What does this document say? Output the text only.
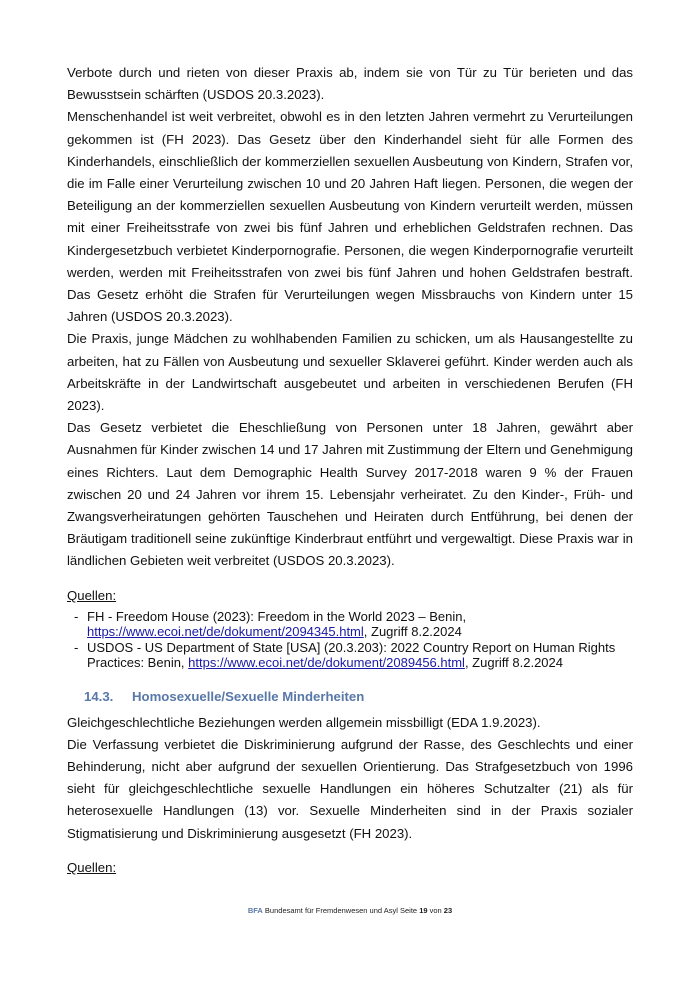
Verbote durch und rieten von dieser Praxis ab, indem sie von Tür zu Tür berieten und das Bewusstsein schärften (USDOS 20.3.2023).

Menschenhandel ist weit verbreitet, obwohl es in den letzten Jahren vermehrt zu Verurteilungen gekommen ist (FH 2023). Das Gesetz über den Kinderhandel sieht für alle Formen des Kinderhandels, einschließlich der kommerziellen sexuellen Ausbeutung von Kindern, Strafen vor, die im Falle einer Verurteilung zwischen 10 und 20 Jahren Haft liegen. Personen, die wegen der Beteiligung an der kommerziellen sexuellen Ausbeutung von Kindern verurteilt werden, müssen mit einer Freiheitsstrafe von zwei bis fünf Jahren und erheblichen Geldstrafen rechnen. Das Kindergesetzbuch verbietet Kinderpornografie. Personen, die wegen Kinderpornografie verurteilt werden, werden mit Freiheitsstrafen von zwei bis fünf Jahren und hohen Geldstrafen bestraft. Das Gesetz erhöht die Strafen für Verurteilungen wegen Missbrauchs von Kindern unter 15 Jahren (USDOS 20.3.2023).

Die Praxis, junge Mädchen zu wohlhabenden Familien zu schicken, um als Hausangestellte zu arbeiten, hat zu Fällen von Ausbeutung und sexueller Sklaverei geführt. Kinder werden auch als Arbeitskräfte in der Landwirtschaft ausgebeutet und arbeiten in verschiedenen Berufen (FH 2023).

Das Gesetz verbietet die Eheschließung von Personen unter 18 Jahren, gewährt aber Ausnahmen für Kinder zwischen 14 und 17 Jahren mit Zustimmung der Eltern und Genehmigung eines Richters. Laut dem Demographic Health Survey 2017-2018 waren 9 % der Frauen zwischen 20 und 24 Jahren vor ihrem 15. Lebensjahr verheiratet. Zu den Kinder-, Früh- und Zwangsverheiratungen gehörten Tauschehen und Heiraten durch Entführung, bei denen der Bräutigam traditionell seine zukünftige Kinderbraut entführt und vergewaltigt. Diese Praxis war in ländlichen Gebieten weit verbreitet (USDOS 20.3.2023).

Quellen:

- FH - Freedom House (2023): Freedom in the World 2023 – Benin,
https://www.ecoi.net/de/dokument/2094345.html, Zugriff 8.2.2024
- USDOS - US Department of State [USA] (20.3.203): 2022 Country Report on Human Rights Practices: Benin, https://www.ecoi.net/de/dokument/2089456.html, Zugriff 8.2.2024
14.3. Homosexuelle/Sexuelle Minderheiten

Gleichgeschlechtliche Beziehungen werden allgemein missbilligt (EDA 1.9.2023).

Die Verfassung verbietet die Diskriminierung aufgrund der Rasse, des Geschlechts und einer Behinderung, nicht aber aufgrund der sexuellen Orientierung. Das Strafgesetzbuch von 1996 sieht für gleichgeschlechtliche sexuelle Handlungen ein höheres Schutzalter (21) als für heterosexuelle Handlungen (13) vor. Sexuelle Minderheiten sind in der Praxis sozialer Stigmatisierung und Diskriminierung ausgesetzt (FH 2023).

Quellen:

BFA Bundesamt für Fremdenwesen und Asyl Seite 19 von 23
